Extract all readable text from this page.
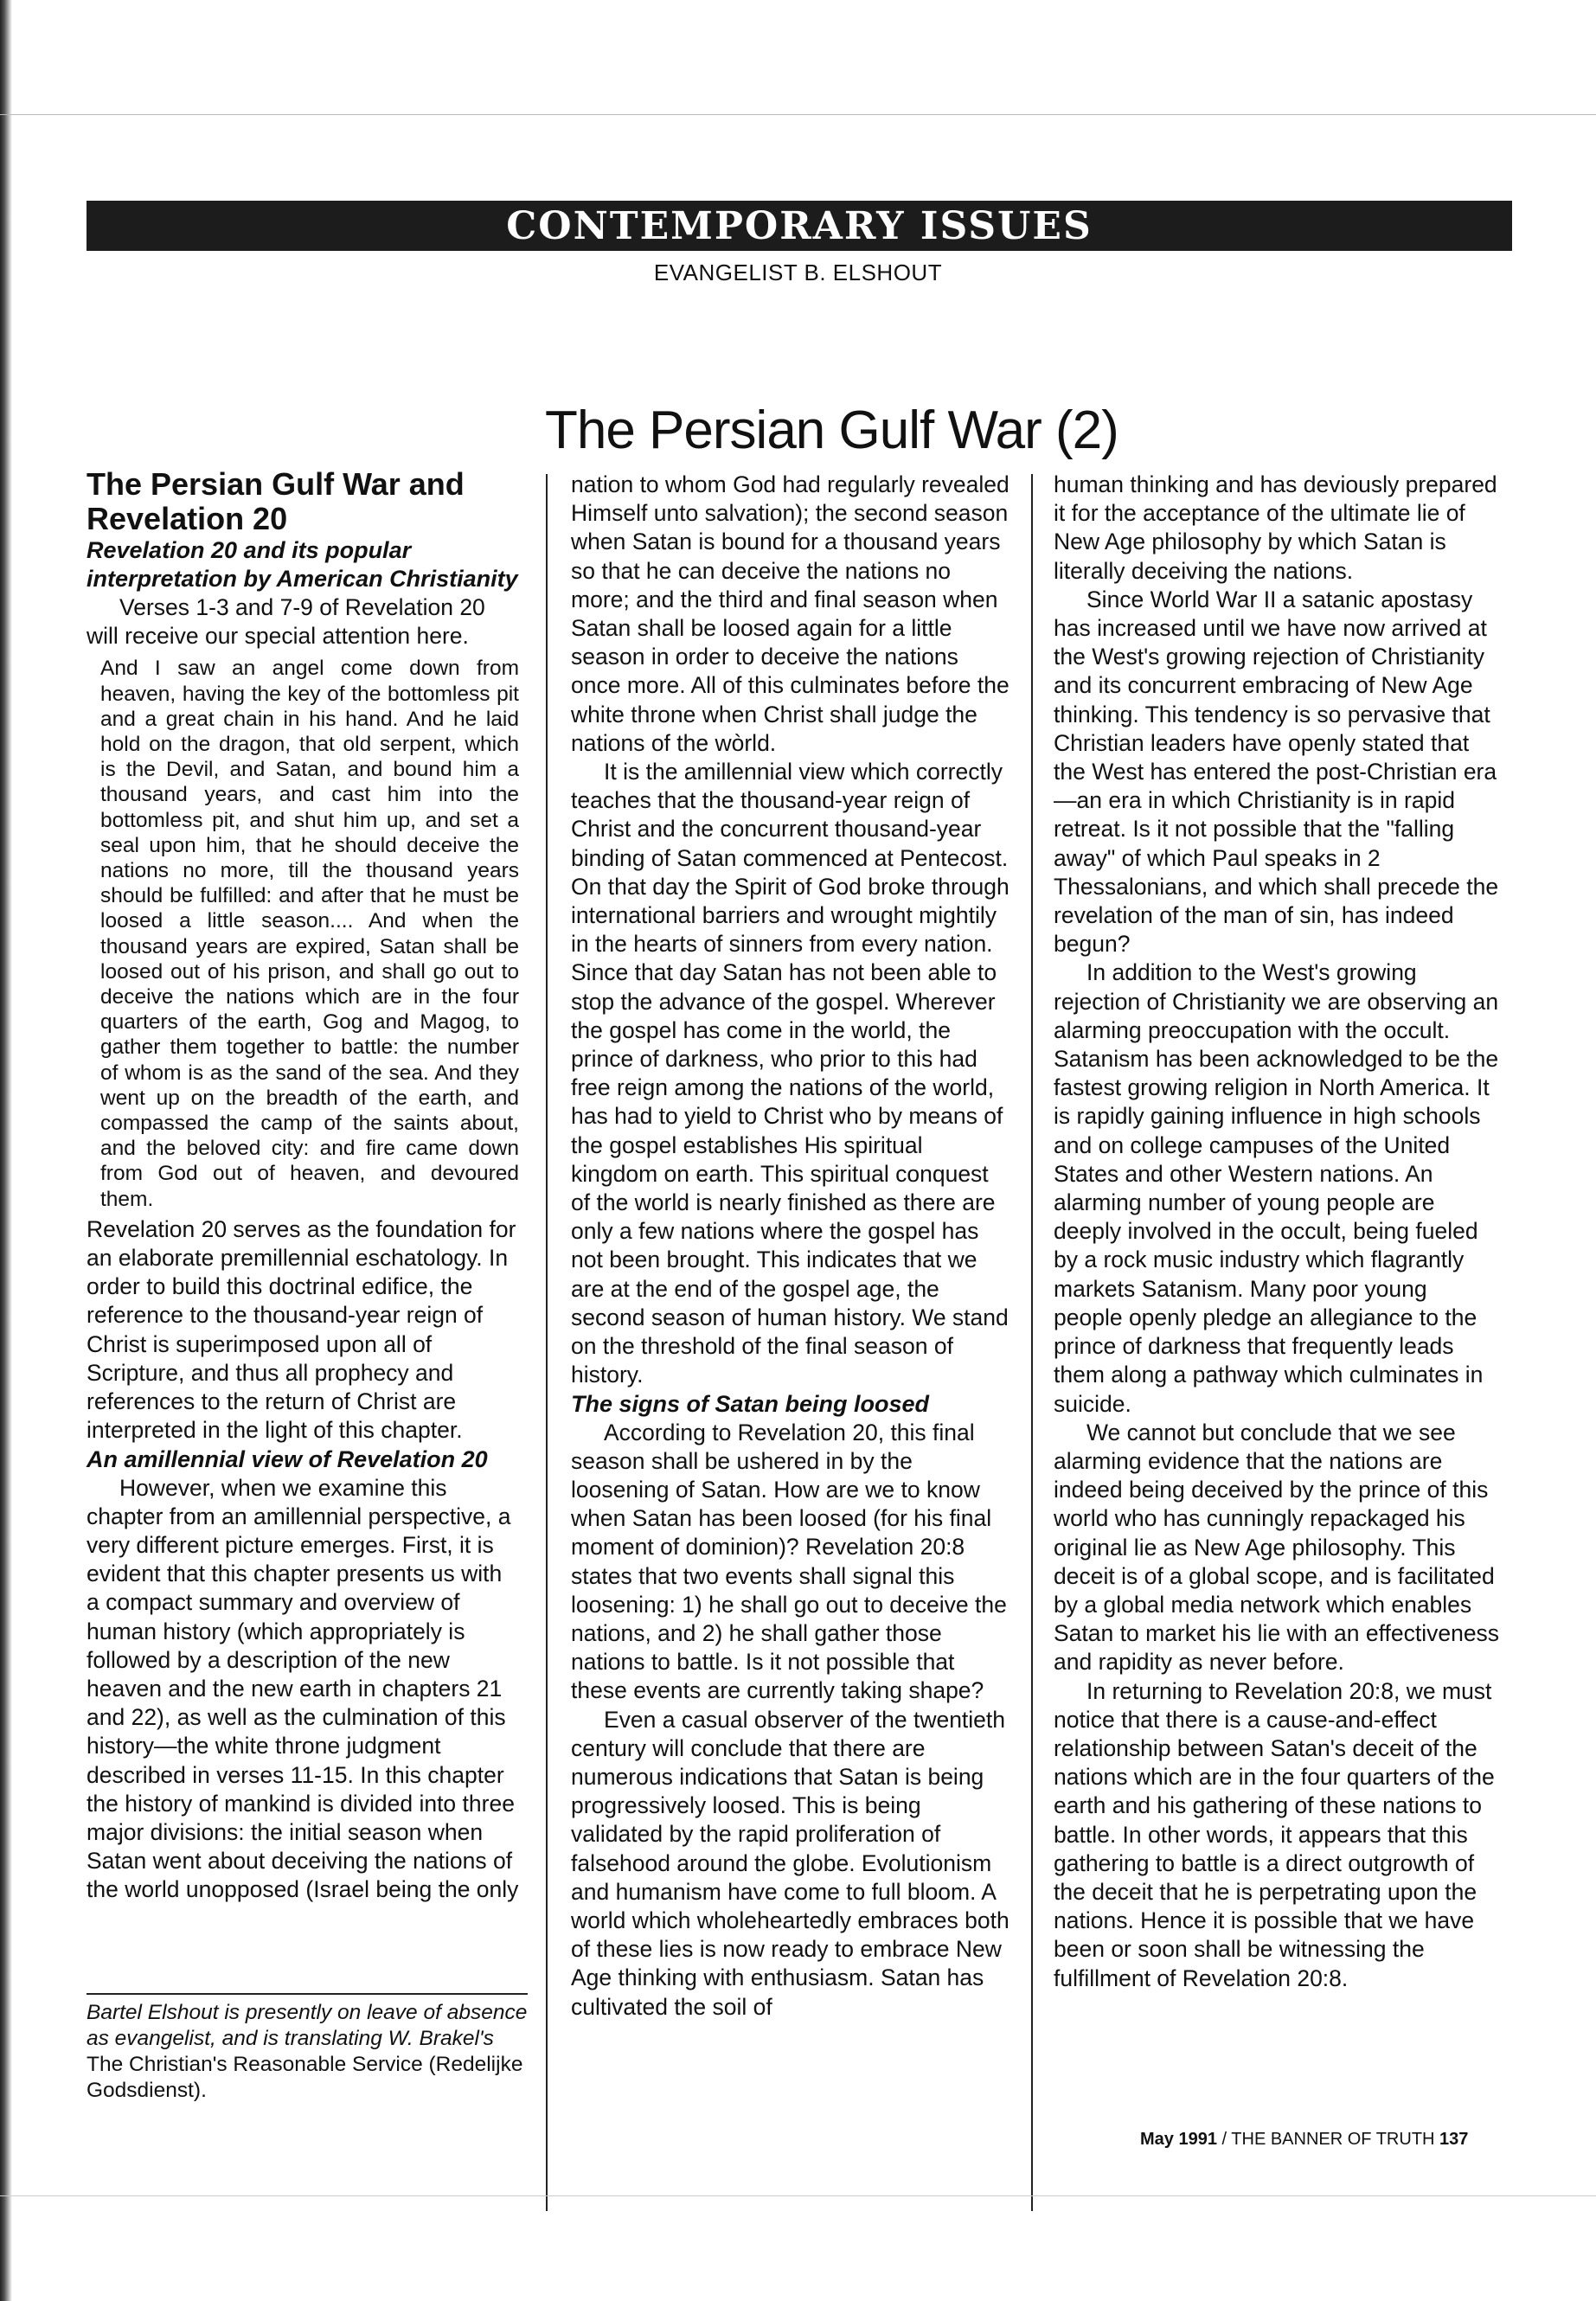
CONTEMPORARY ISSUES
EVANGELIST B. ELSHOUT
The Persian Gulf War (2)

The Persian Gulf War and Revelation 20

Revelation 20 and its popular interpretation by American Christianity

Verses 1-3 and 7-9 of Revelation 20 will receive our special attention here.

And I saw an angel come down from heaven, having the key of the bottomless pit and a great chain in his hand. And he laid hold on the dragon, that old serpent, which is the Devil, and Satan, and bound him a thousand years, and cast him into the bottomless pit, and shut him up, and set a seal upon him, that he should deceive the nations no more, till the thousand years should be fulfilled: and after that he must be loosed a little season.... And when the thousand years are expired, Satan shall be loosed out of his prison, and shall go out to deceive the nations which are in the four quarters of the earth, Gog and Magog, to gather them together to battle: the number of whom is as the sand of the sea. And they went up on the breadth of the earth, and compassed the camp of the saints about, and the beloved city: and fire came down from God out of heaven, and devoured them.

Revelation 20 serves as the foundation for an elaborate premillennial eschatology. In order to build this doctrinal edifice, the reference to the thousand-year reign of Christ is superimposed upon all of Scripture, and thus all prophecy and references to the return of Christ are interpreted in the light of this chapter.

An amillennial view of Revelation 20

However, when we examine this chapter from an amillennial perspective, a very different picture emerges. First, it is evident that this chapter presents us with a compact summary and overview of human history (which appropriately is followed by a description of the new heaven and the new earth in chapters 21 and 22), as well as the culmination of this history—the white throne judgment described in verses 11-15. In this chapter the history of mankind is divided into three major divisions: the initial season when Satan went about deceiving the nations of the world unopposed (Israel being the only

Bartel Elshout is presently on leave of absence as evangelist, and is translating W. Brakel's The Christian's Reasonable Service (Redelijke Godsdienst).

nation to whom God had regularly revealed Himself unto salvation); the second season when Satan is bound for a thousand years so that he can deceive the nations no more; and the third and final season when Satan shall be loosed again for a little season in order to deceive the nations once more. All of this culminates before the white throne when Christ shall judge the nations of the wòrld.

It is the amillennial view which correctly teaches that the thousand-year reign of Christ and the concurrent thousand-year binding of Satan commenced at Pentecost. On that day the Spirit of God broke through international barriers and wrought mightily in the hearts of sinners from every nation. Since that day Satan has not been able to stop the advance of the gospel. Wherever the gospel has come in the world, the prince of darkness, who prior to this had free reign among the nations of the world, has had to yield to Christ who by means of the gospel establishes His spiritual kingdom on earth. This spiritual conquest of the world is nearly finished as there are only a few nations where the gospel has not been brought. This indicates that we are at the end of the gospel age, the second season of human history. We stand on the threshold of the final season of history.

The signs of Satan being loosed

According to Revelation 20, this final season shall be ushered in by the loosening of Satan. How are we to know when Satan has been loosed (for his final moment of dominion)? Revelation 20:8 states that two events shall signal this loosening: 1) he shall go out to deceive the nations, and 2) he shall gather those nations to battle. Is it not possible that these events are currently taking shape?

Even a casual observer of the twentieth century will conclude that there are numerous indications that Satan is being progressively loosed. This is being validated by the rapid proliferation of falsehood around the globe. Evolutionism and humanism have come to full bloom. A world which wholeheartedly embraces both of these lies is now ready to embrace New Age thinking with enthusiasm. Satan has cultivated the soil of

human thinking and has deviously prepared it for the acceptance of the ultimate lie of New Age philosophy by which Satan is literally deceiving the nations.

Since World War II a satanic apostasy has increased until we have now arrived at the West's growing rejection of Christianity and its concurrent embracing of New Age thinking. This tendency is so pervasive that Christian leaders have openly stated that the West has entered the post-Christian era—an era in which Christianity is in rapid retreat. Is it not possible that the "falling away" of which Paul speaks in 2 Thessalonians, and which shall precede the revelation of the man of sin, has indeed begun?

In addition to the West's growing rejection of Christianity we are observing an alarming preoccupation with the occult. Satanism has been acknowledged to be the fastest growing religion in North America. It is rapidly gaining influence in high schools and on college campuses of the United States and other Western nations. An alarming number of young people are deeply involved in the occult, being fueled by a rock music industry which flagrantly markets Satanism. Many poor young people openly pledge an allegiance to the prince of darkness that frequently leads them along a pathway which culminates in suicide.

We cannot but conclude that we see alarming evidence that the nations are indeed being deceived by the prince of this world who has cunningly repackaged his original lie as New Age philosophy. This deceit is of a global scope, and is facilitated by a global media network which enables Satan to market his lie with an effectiveness and rapidity as never before.

In returning to Revelation 20:8, we must notice that there is a cause-and-effect relationship between Satan's deceit of the nations which are in the four quarters of the earth and his gathering of these nations to battle. In other words, it appears that this gathering to battle is a direct outgrowth of the deceit that he is perpetrating upon the nations. Hence it is possible that we have been or soon shall be witnessing the fulfillment of Revelation 20:8.

May 1991 / THE BANNER OF TRUTH 137
